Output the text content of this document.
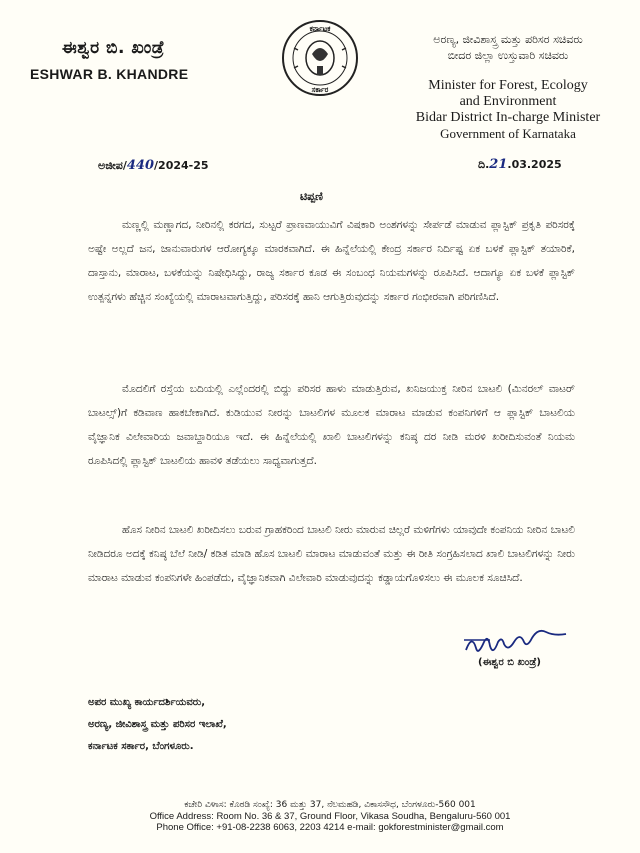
ಈಶ್ವರ ಬಿ. ಖಂಡ್ರೆ
ESHWAR B. KHANDRE
ಕರ್ನಾಟಕ
ಸರ್ಕಾರ
ಅರಣ್ಯ, ಜೀವಿಶಾಸ್ತ್ರ ಮತ್ತು ಪರಿಸರ ಸಚಿವರು
ಬೀದರ ಜಿಲ್ಲಾ ಉಸ್ತುವಾರಿ ಸಚಿವರು
Minister for Forest, Ecology
and Environment
Bidar District In-charge Minister
Government of Karnataka
ಅಜೀಪ/440/2024-25	ದಿ.21.03.2025
ಟಿಪ್ಪಣಿ
ಮಣ್ಣಲ್ಲಿ ಮಣ್ಣಾಗದ, ನೀರಿನಲ್ಲಿ ಕರಗದ, ಸುಟ್ಟರೆ ಪ್ರಾಣವಾಯುವಿಗೆ ವಿಷಕಾರಿ ಅಂಶಗಳನ್ನು ಸೇರ್ಪಡೆ ಮಾಡುವ ಪ್ಲಾಸ್ಟಿಕ್ ಪ್ರಕೃತಿ ಪರಿಸರಕ್ಕೆ ಅಷ್ಟೇ ಅಲ್ಲದೆ ಜನ, ಜಾನುವಾರುಗಳ ಆರೋಗ್ಯಕ್ಕೂ ಮಾರಕವಾಗಿದೆ. ಈ ಹಿನ್ನೆಲೆಯಲ್ಲಿ ಕೇಂದ್ರ ಸರ್ಕಾರ ನಿರ್ದಿಷ್ಟ ಏಕ ಬಳಕೆ ಪ್ಲಾಸ್ಟಿಕ್ ತಯಾರಿಕೆ, ದಾಸ್ತಾನು, ಮಾರಾಟ, ಬಳಕೆಯನ್ನು ನಿಷೇಧಿಸಿದ್ದು, ರಾಜ್ಯ ಸರ್ಕಾರ ಕೂಡ ಈ ಸಂಬಂಧ ನಿಯಮಗಳನ್ನು ರೂಪಿಸಿದೆ. ಆದಾಗ್ಯೂ ಏಕ ಬಳಕೆ ಪ್ಲಾಸ್ಟಿಕ್ ಉತ್ಪನ್ನಗಳು ಹೆಚ್ಚಿನ ಸಂಖ್ಯೆಯಲ್ಲಿ ಮಾರಾಟವಾಗುತ್ತಿದ್ದು, ಪರಿಸರಕ್ಕೆ ಹಾನಿ ಆಗುತ್ತಿರುವುದನ್ನು ಸರ್ಕಾರ ಗಂಭೀರವಾಗಿ ಪರಿಗಣಿಸಿದೆ.
ಮೊದಲಿಗೆ ರಸ್ತೆಯ ಬದಿಯಲ್ಲಿ ಎಲ್ಲೆಂದರಲ್ಲಿ ಬಿದ್ದು ಪರಿಸರ ಹಾಳು ಮಾಡುತ್ತಿರುವ, ಖನಿಜಯುಕ್ತ ನೀರಿನ ಬಾಟಲಿ (ಮಿನರಲ್ ವಾಟರ್ ಬಾಟಲ್ಸ್)ಗೆ ಕಡಿವಾಣ ಹಾಕಬೇಕಾಗಿದೆ. ಕುಡಿಯುವ ನೀರನ್ನು ಬಾಟಲಿಗಳ ಮೂಲಕ ಮಾರಾಟ ಮಾಡುವ ಕಂಪನಿಗಳಿಗೆ ಆ ಪ್ಲಾಸ್ಟಿಕ್ ಬಾಟಲಿಯ ವೈಜ್ಞಾನಿಕ ವಿಲೇವಾರಿಯ ಜವಾಬ್ದಾರಿಯೂ ಇದೆ. ಈ ಹಿನ್ನೆಲೆಯಲ್ಲಿ ಖಾಲಿ ಬಾಟಲಿಗಳನ್ನು ಕನಿಷ್ಠ ದರ ನೀಡಿ ಮರಳಿ ಖರೀದಿಸುವಂತೆ ನಿಯಮ ರೂಪಿಸಿದಲ್ಲಿ ಪ್ಲಾಸ್ಟಿಕ್ ಬಾಟಲಿಯ ಹಾವಳಿ ತಡೆಯಲು ಸಾಧ್ಯವಾಗುತ್ತದೆ.
ಹೊಸ ನೀರಿನ ಬಾಟಲಿ ಖರೀದಿಸಲು ಬರುವ ಗ್ರಾಹಕರಿಂದ ಬಾಟಲಿ ನೀರು ಮಾರುವ ಚಿಲ್ಲರೆ ಮಳಿಗೆಗಳು ಯಾವುದೇ ಕಂಪನಿಯ ನೀರಿನ ಬಾಟಲಿ ನೀಡಿದರೂ ಅದಕ್ಕೆ ಕನಿಷ್ಠ ಬೆಲೆ ನೀಡಿ/ ಕಡಿತ ಮಾಡಿ ಹೊಸ ಬಾಟಲಿ ಮಾರಾಟ ಮಾಡುವಂತೆ ಮತ್ತು ಈ ರೀತಿ ಸಂಗ್ರಹಿಸಲಾದ ಖಾಲಿ ಬಾಟಲಿಗಳನ್ನು ನೀರು ಮಾರಾಟ ಮಾಡುವ ಕಂಪನಿಗಳೇ ಹಿಂಪಡೆದು, ವೈಜ್ಞಾನಿಕವಾಗಿ ವಿಲೇವಾರಿ ಮಾಡುವುದನ್ನು ಕಡ್ಡಾಯಗೊಳಿಸಲು ಈ ಮೂಲಕ ಸೂಚಿಸಿದೆ.
(ಈಶ್ವರ ಬಿ ಖಂಡ್ರೆ)
ಅಪರ ಮುಖ್ಯ ಕಾರ್ಯದರ್ಶಿಯವರು,
ಅರಣ್ಯ, ಜೀವಿಶಾಸ್ತ್ರ ಮತ್ತು ಪರಿಸರ ಇಲಾಖೆ,
ಕರ್ನಾಟಕ ಸರ್ಕಾರ, ಬೆಂಗಳೂರು.
ಕಚೇರಿ ವಿಳಾಸ: ಕೊಠಡಿ ಸಂಖ್ಯೆ: 36 ಮತ್ತು 37, ನೆಲಮಹಡಿ, ವಿಕಾಸಸೌಧ, ಬೆಂಗಳೂರು-560 001
Office Address: Room No. 36 & 37, Ground Floor, Vikasa Soudha, Bengaluru-560 001
Phone Office: +91-08-2238 6063, 2203 4214 e-mail: gokforestminister@gmail.com
